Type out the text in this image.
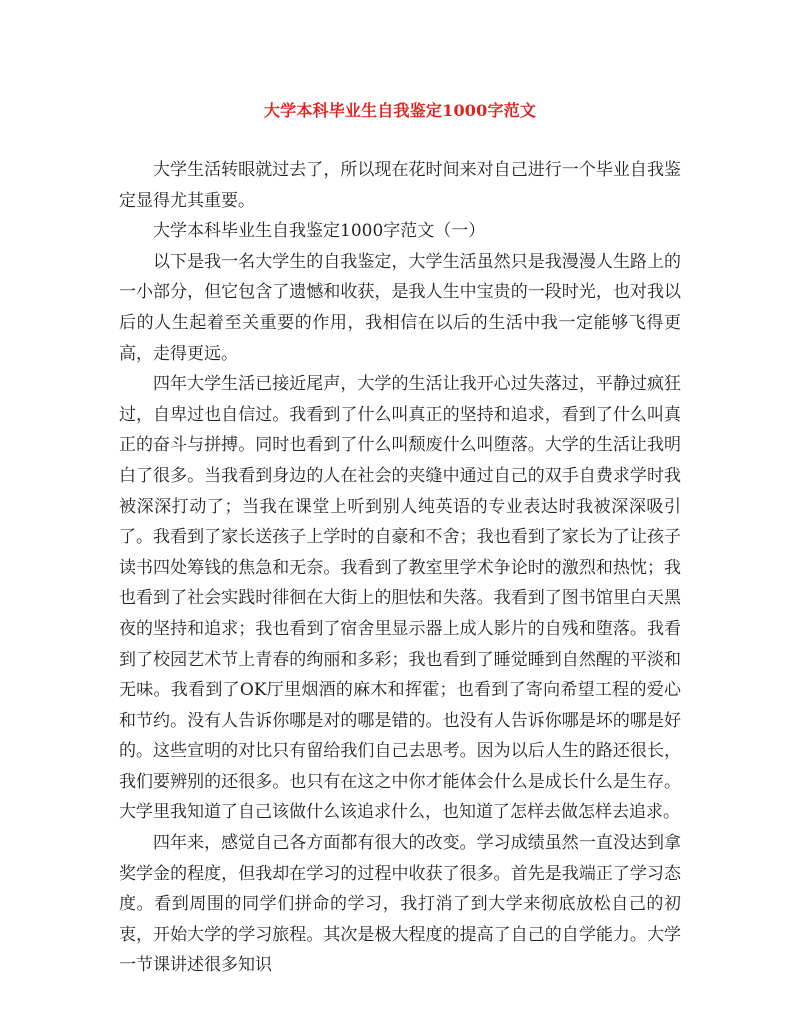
大学本科毕业生自我鉴定1000字范文

大学生活转眼就过去了，所以现在花时间来对自己进行一个毕业自我鉴定显得尤其重要。

大学本科毕业生自我鉴定1000字范文（一）

以下是我一名大学生的自我鉴定，大学生活虽然只是我漫漫人生路上的一小部分，但它包含了遗憾和收获，是我人生中宝贵的一段时光，也对我以后的人生起着至关重要的作用，我相信在以后的生活中我一定能够飞得更高，走得更远。

四年大学生活已接近尾声，大学的生活让我开心过失落过，平静过疯狂过，自卑过也自信过。我看到了什么叫真正的坚持和追求，看到了什么叫真正的奋斗与拼搏。同时也看到了什么叫颓废什么叫堕落。大学的生活让我明白了很多。当我看到身边的人在社会的夹缝中通过自己的双手自费求学时我被深深打动了；当我在课堂上听到别人纯英语的专业表达时我被深深吸引了。我看到了家长送孩子上学时的自豪和不舍；我也看到了家长为了让孩子读书四处筹钱的焦急和无奈。我看到了教室里学术争论时的激烈和热忱；我也看到了社会实践时徘徊在大街上的胆怯和失落。我看到了图书馆里白天黑夜的坚持和追求；我也看到了宿舍里显示器上成人影片的自残和堕落。我看到了校园艺术节上青春的绚丽和多彩；我也看到了睡觉睡到自然醒的平淡和无味。我看到了OK厅里烟酒的麻木和挥霍；也看到了寄向希望工程的爱心和节约。没有人告诉你哪是对的哪是错的。也没有人告诉你哪是坏的哪是好的。这些宣明的对比只有留给我们自己去思考。因为以后人生的路还很长，我们要辨别的还很多。也只有在这之中你才能体会什么是成长什么是生存。大学里我知道了自己该做什么该追求什么，也知道了怎样去做怎样去追求。

四年来，感觉自己各方面都有很大的改变。学习成绩虽然一直没达到拿奖学金的程度，但我却在学习的过程中收获了很多。首先是我端正了学习态度。看到周围的同学们拼命的学习，我打消了到大学来彻底放松自己的初衷，开始大学的学习旅程。其次是极大程度的提高了自己的自学能力。大学一节课讲述很多知识
